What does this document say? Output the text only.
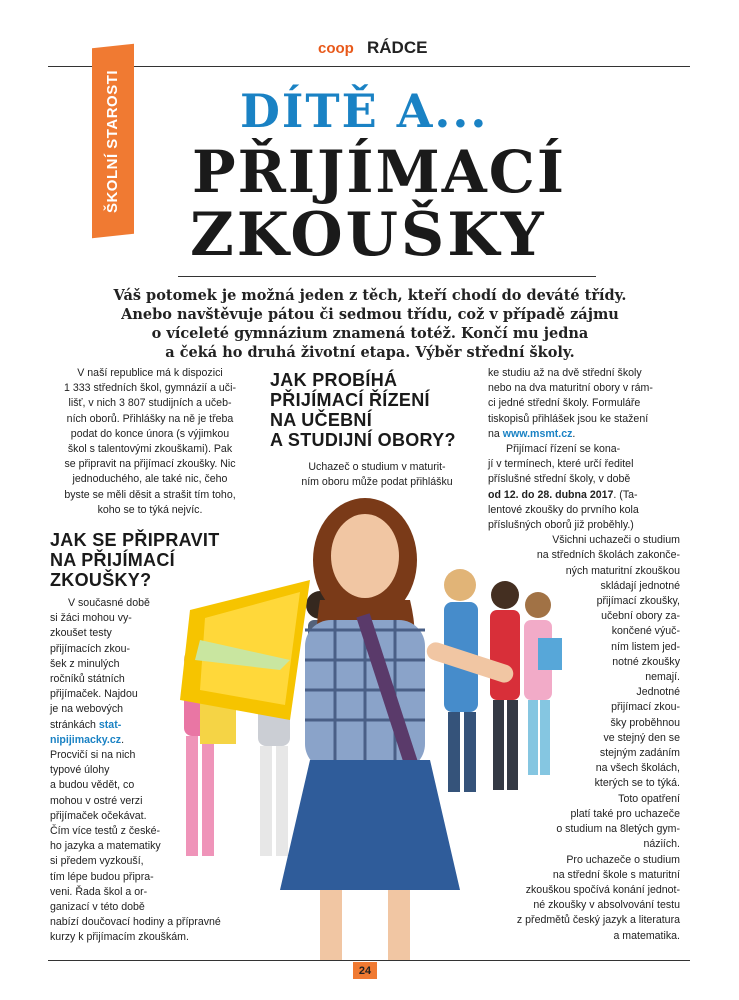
coop RÁDCE
ŠKOLNÍ STAROSTI	DÍTĚ A...
PŘIJÍMACÍ
ZKOUŠKY
Váš potomek je možná jeden z těch, kteří chodí do deváté třídy.
Anebo navštěvuje pátou či sedmou třídu, což v případě zájmu
o víceleté gymnázium znamená totéž. Končí mu jedna
a čeká ho druhá životní etapa. Výběr střední školy.
V naší republice má k dispozici
1 333 středních škol, gymnázií a uči-
lišť, v nich 3 807 studijních a učeb-
ních oborů. Přihlášky na ně je třeba
podat do konce února (s výjimkou
škol s talentovými zkouškami). Pak
se připravit na přijímací zkoušky. Nic
jednoduchého, ale také nic, čeho
byste se měli děsit a strašit tím toho,
koho se to týká nejvíc.
JAK SE PŘIPRAVIT
NA PŘIJÍMACÍ
ZKOUŠKY?
V současné době
si žáci mohou vy-
zkoušet testy
přijímacích zkou-
šek z minulých
ročníků státních
přijímaček. Najdou
je na webových
stránkách stat-
nipijimacky.cz.
Procvičí si na nich
typové úlohy
a budou vědět, co
mohou v ostré verzi
přijímaček očekávat.
Čím více testů z české-
ho jazyka a matematiky
si předem vyzkouší,
tím lépe budou připra-
veni. Řada škol a or-
ganizací v této době
nabízí doučovací hodiny a přípravné
kurzy k přijímacím zkouškám.
JAK PROBÍHÁ
PŘIJÍMACÍ ŘÍZENÍ
NA UČEBNÍ
A STUDIJNÍ OBORY?
Uchazeč o studium v maturit-
ním oboru může podat přihlášku
ke studiu až na dvě střední školy
nebo na dva maturitní obory v rám-
ci jedné střední školy. Formuláře
tiskopisů přihlášek jsou ke stažení
na www.msmt.cz.
Přijímací řízení se kona-
jí v termínech, které určí ředitel
příslušné střední školy, v době
od 12. do 28. dubna 2017. (Ta-
lentové zkoušky do prvního kola
příslušných oborů již proběhly.)
Všichni uchazeči o studium
na středních školách zakonče-
ných maturitní zkouškou
skládají jednotné
přijímací zkoušky,
učební obory za-
končené výuč-
ním listem jed-
notné zkoušky
nemají.
Jednotné
přijímací zkou-
šky proběhnou
ve stejný den se
stejným zadáním
na všech školách,
kterých se to týká.
Toto opatření
platí také pro uchazeče
o studium na 8letých gym-
náziích.
Pro uchazeče o studium
na střední škole s maturitní
zkouškou spočívá konání jednot-
né zkoušky v absolvování testu
z předmětů český jazyk a literatura
a matematika.
24
